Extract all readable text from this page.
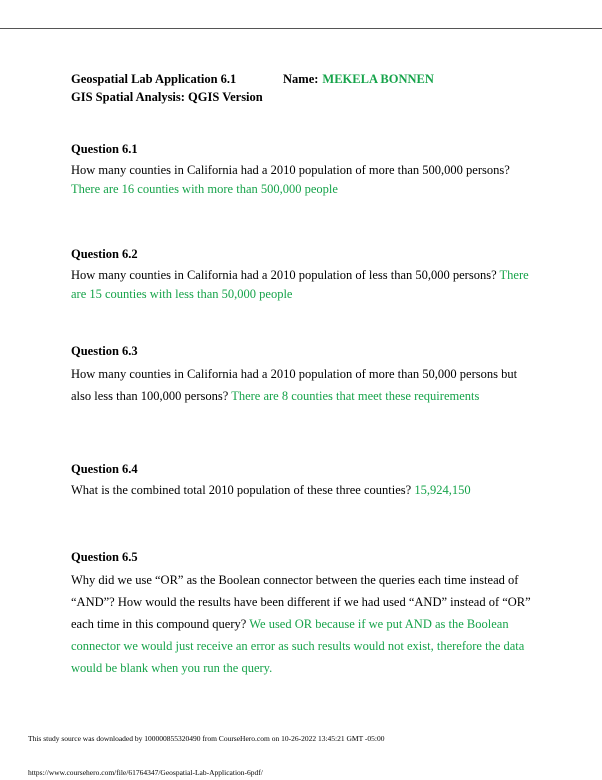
Geospatial Lab Application 6.1	Name: MEKELA BONNEN
GIS Spatial Analysis: QGIS Version
Question 6.1
How many counties in California had a 2010 population of more than 500,000 persons? There are 16 counties with more than 500,000 people
Question 6.2
How many counties in California had a 2010 population of less than 50,000 persons? There are 15 counties with less than 50,000 people
Question 6.3
How many counties in California had a 2010 population of more than 50,000 persons but also less than 100,000 persons? There are 8 counties that meet these requirements
Question 6.4
What is the combined total 2010 population of these three counties? 15,924,150
Question 6.5
Why did we use “OR” as the Boolean connector between the queries each time instead of “AND”? How would the results have been different if we had used “AND” instead of “OR” each time in this compound query? We used OR because if we put AND as the Boolean connector we would just receive an error as such results would not exist, therefore the data would be blank when you run the query.
This study source was downloaded by 100000855320490 from CourseHero.com on 10-26-2022 13:45:21 GMT -05:00
https://www.coursehero.com/file/61764347/Geospatial-Lab-Application-6pdf/
